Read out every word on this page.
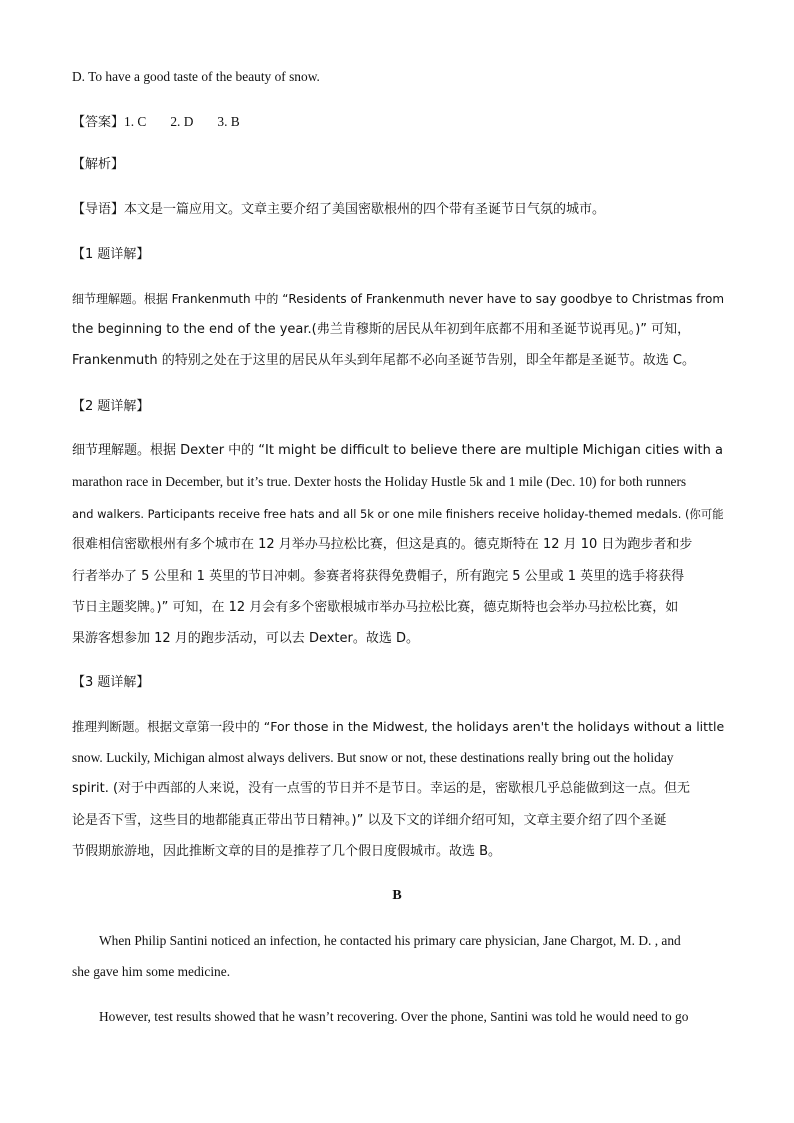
D. To have a good taste of the beauty of snow.
【答案】1. C 2. D 3. B
【解析】
【导语】本文是一篇应用文。文章主要介绍了美国密歇根州的四个带有圣诞节日气氛的城市。
【1 题详解】
细节理解题。根据 Frankenmuth 中的 “Residents of Frankenmuth never have to say goodbye to Christmas from
the beginning to the end of the year.(弗兰肯穆斯的居民从年初到年底都不用和圣诞节说再见。)” 可知，
Frankenmuth 的特别之处在于这里的居民从年头到年尾都不必向圣诞节告别，即全年都是圣诞节。故选 C。
【2 题详解】
细节理解题。根据 Dexter 中的 “It might be difficult to believe there are multiple Michigan cities with a
marathon race in December, but it’s true. Dexter hosts the Holiday Hustle 5k and 1 mile (Dec. 10) for both runners
and walkers. Participants receive free hats and all 5k or one mile finishers receive holiday-themed medals. (你可能
很难相信密歇根州有多个城市在 12 月举办马拉松比赛，但这是真的。德克斯特在 12 月 10 日为跑步者和步
行者举办了 5 公里和 1 英里的节日冲刺。参赛者将获得免费帽子，所有跑完 5 公里或 1 英里的选手将获得
节日主题奖牌。)” 可知，在 12 月会有多个密歇根城市举办马拉松比赛，德克斯特也会举办马拉松比赛，如
果游客想参加 12 月的跑步活动，可以去 Dexter。故选 D。
【3 题详解】
推理判断题。根据文章第一段中的 “For those in the Midwest, the holidays aren't the holidays without a little
snow. Luckily, Michigan almost always delivers. But snow or not, these destinations really bring out the holiday
spirit. (对于中西部的人来说，没有一点雪的节日并不是节日。幸运的是，密歇根几乎总能做到这一点。但无
论是否下雪，这些目的地都能真正带出节日精神。)” 以及下文的详细介绍可知，文章主要介绍了四个圣诞
节假期旅游地，因此推断文章的目的是推荐了几个假日度假城市。故选 B。
B
When Philip Santini noticed an infection, he contacted his primary care physician, Jane Chargot, M. D. , and
she gave him some medicine.
However, test results showed that he wasn’t recovering. Over the phone, Santini was told he would need to go
